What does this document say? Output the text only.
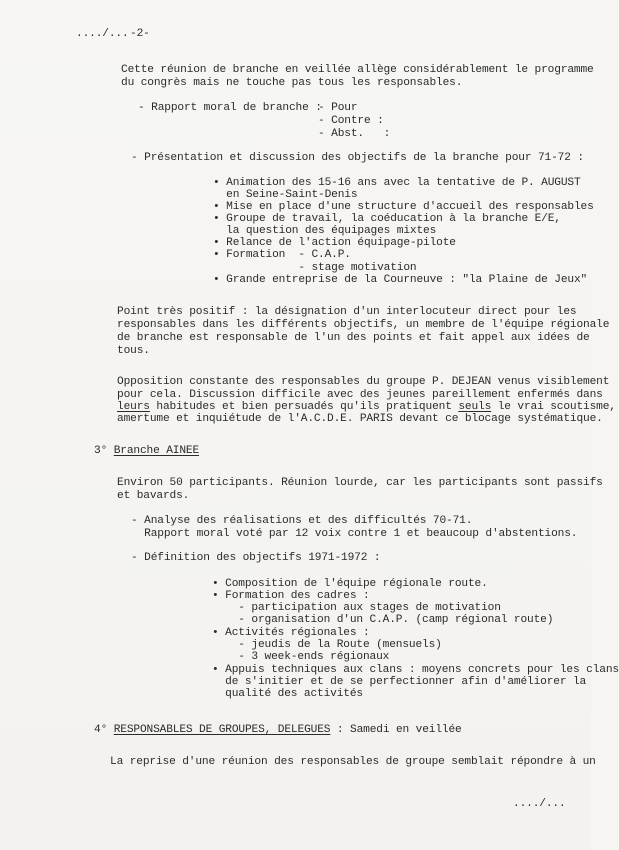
..../... -2-
Cette réunion de branche en veillée allège considérablement le programme
du congrès mais ne touche pas tous les responsables.
- Rapport moral de branche :
- Pour
- Contre :
- Abst.   :
- Présentation et discussion des objectifs de la branche pour 71-72 :
• Animation des 15-16 ans avec la tentative de P. AUGUST
en Seine-Saint-Denis
• Mise en place d'une structure d'accueil des responsables
• Groupe de travail, la coéducation à la branche E/E,
la question des équipages mixtes
• Relance de l'action équipage-pilote
• Formation  - C.A.P.
- stage motivation
• Grande entreprise de la Courneuve : "la Plaine de Jeux"
Point très positif : la désignation d'un interlocuteur direct pour les
responsables dans les différents objectifs, un membre de l'équipe régionale
de branche est responsable de l'un des points et fait appel aux idées de
tous.
Opposition constante des responsables du groupe P. DEJEAN venus visiblement
pour cela. Discussion difficile avec des jeunes pareillement enfermés dans
leurs habitudes et bien persuadés qu'ils pratiquent seuls le vrai scoutisme,
amertume et inquiétude de l'A.C.D.E. PARIS devant ce blocage systématique.
3° Branche AINEE
Environ 50 participants. Réunion lourde, car les participants sont passifs
et bavards.
- Analyse des réalisations et des difficultés 70-71.
Rapport moral voté par 12 voix contre 1 et beaucoup d'abstentions.
- Définition des objectifs 1971-1972 :
• Composition de l'équipe régionale route.
• Formation des cadres :
- participation aux stages de motivation
- organisation d'un C.A.P. (camp régional route)
• Activités régionales :
- jeudis de la Route (mensuels)
- 3 week-ends régionaux
• Appuis techniques aux clans : moyens concrets pour les clans
de s'initier et de se perfectionner afin d'améliorer la
qualité des activités
4° RESPONSABLES DE GROUPES, DELEGUES : Samedi en veillée
La reprise d'une réunion des responsables de groupe semblait répondre à un
..../...
